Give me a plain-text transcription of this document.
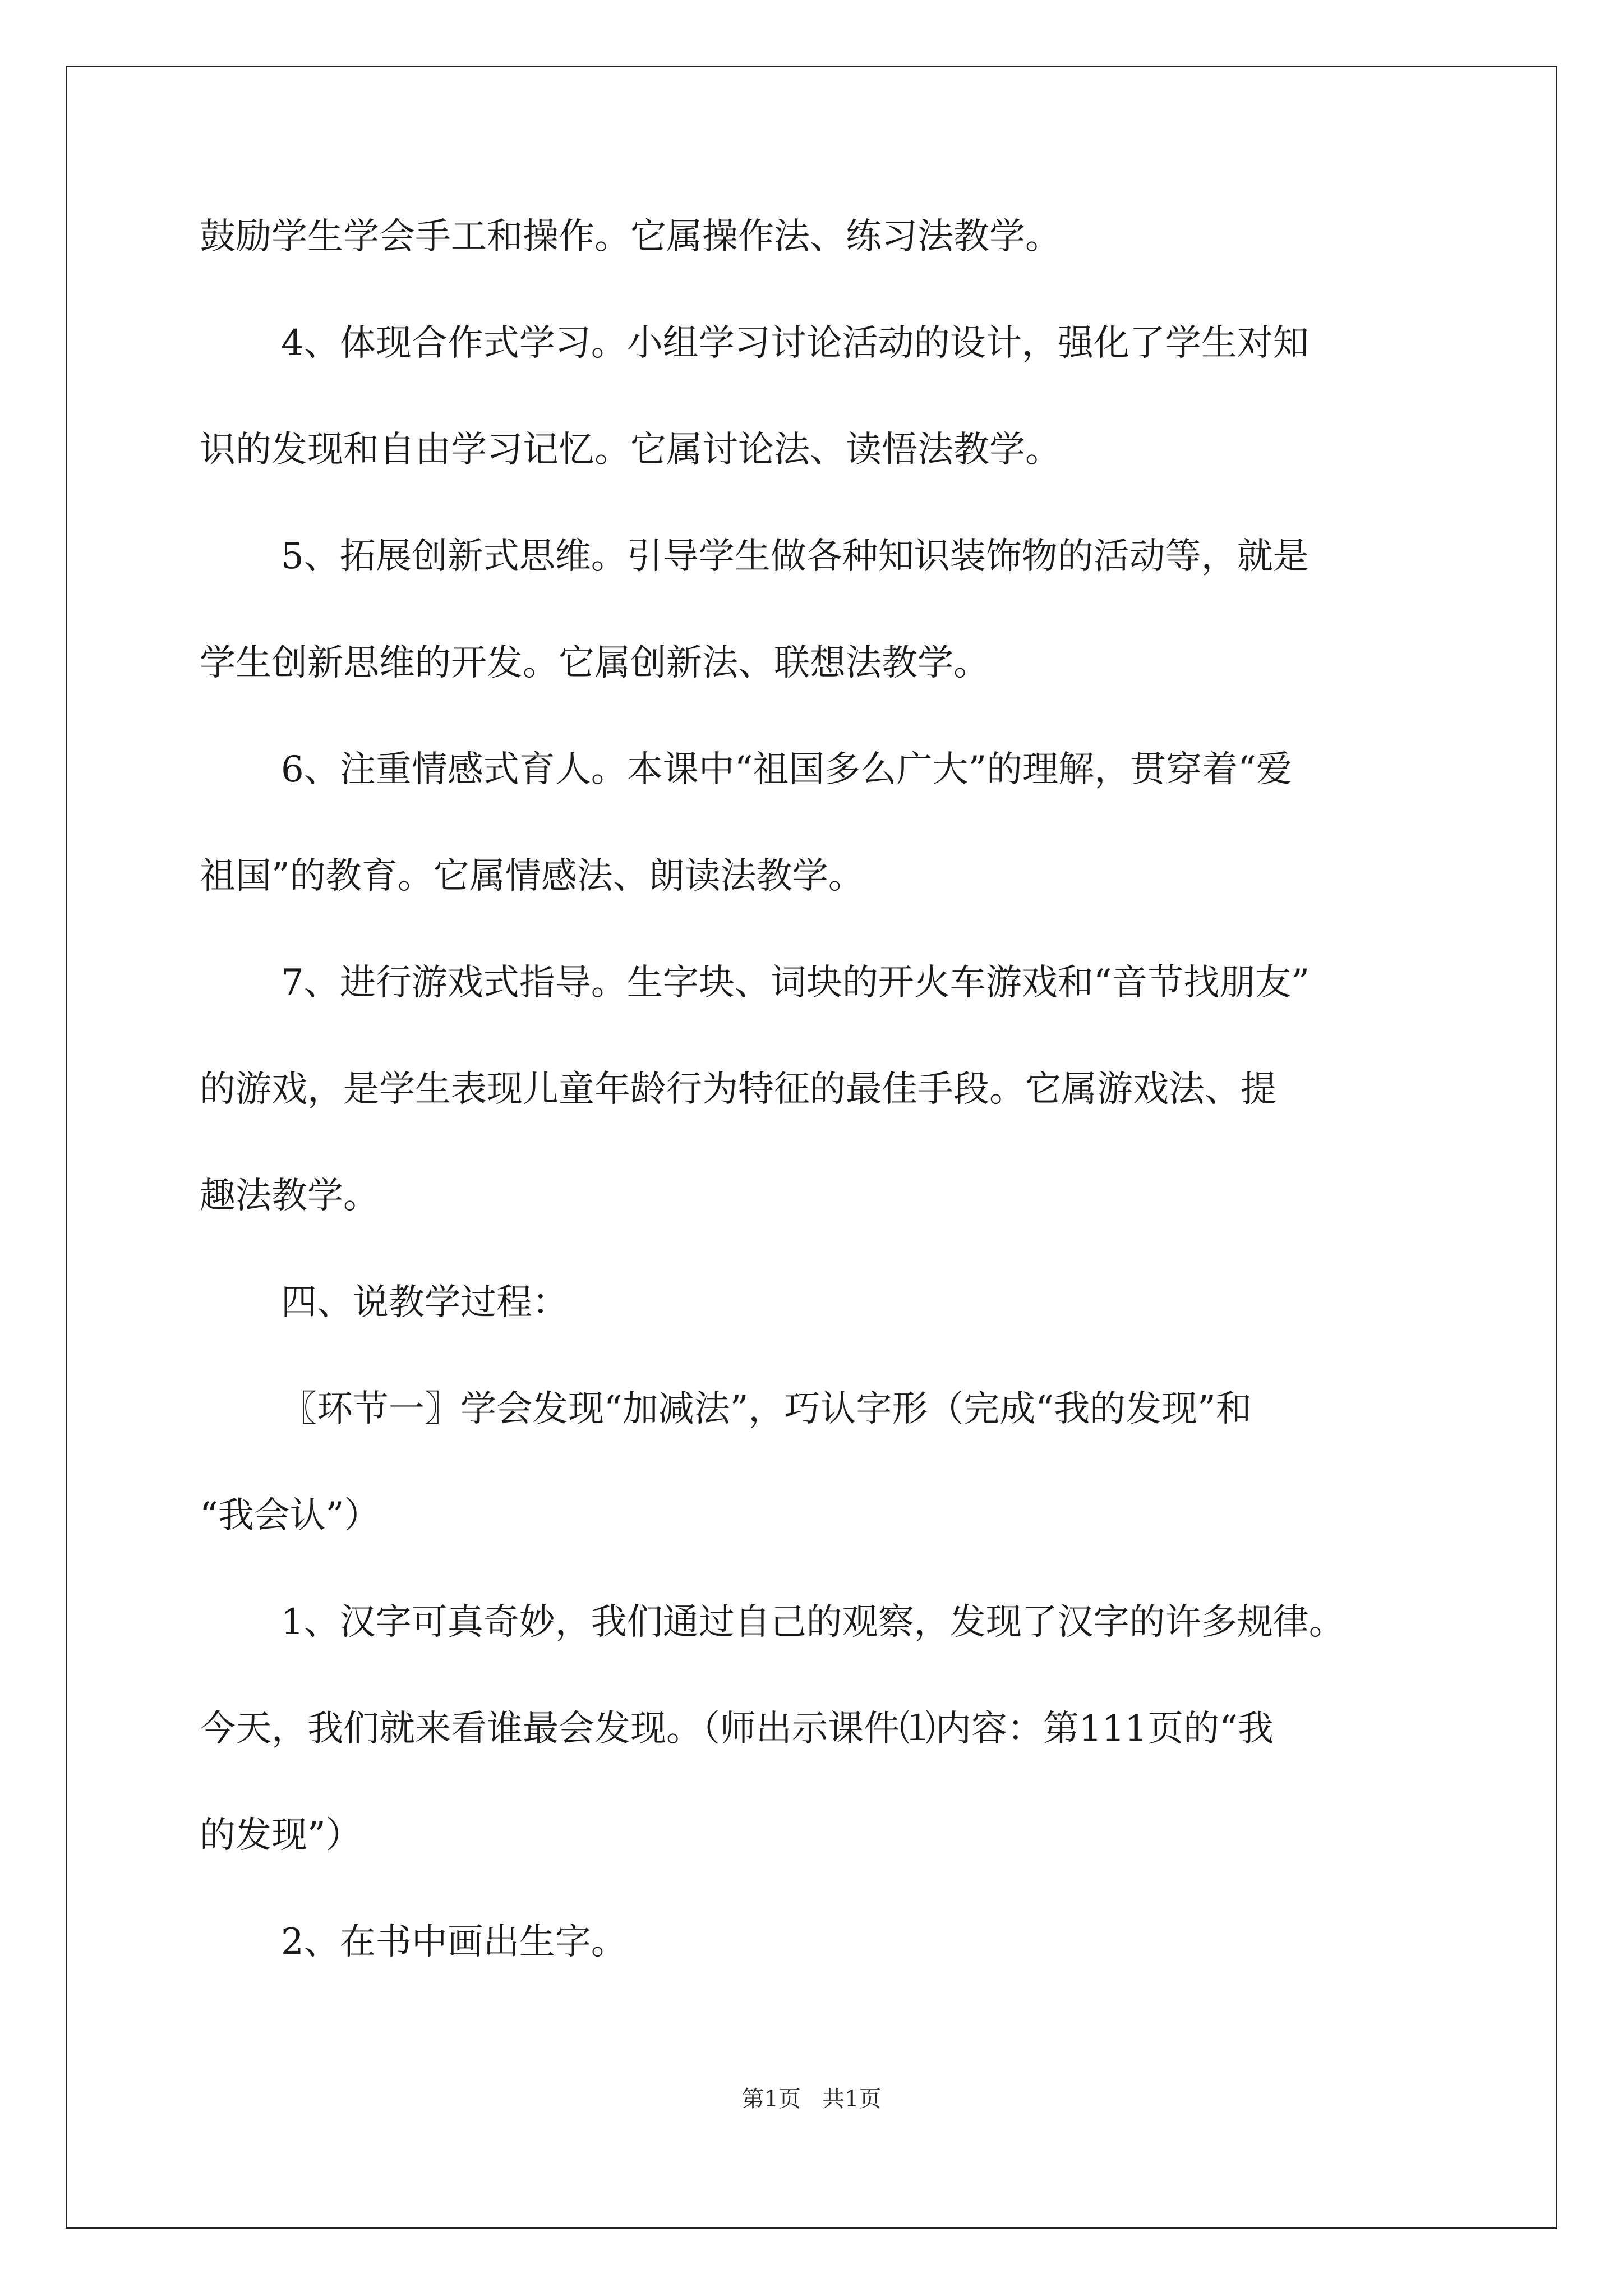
鼓励学生学会手工和操作。它属操作法、练习法教学。
4、体现合作式学习。小组学习讨论活动的设计，强化了学生对知
识的发现和自由学习记忆。它属讨论法、读悟法教学。
5、拓展创新式思维。引导学生做各种知识装饰物的活动等，就是
学生创新思维的开发。它属创新法、联想法教学。
6、注重情感式育人。本课中“祖国多么广大”的理解，贯穿着“爱
祖国”的教育。它属情感法、朗读法教学。
7、进行游戏式指导。生字块、词块的开火车游戏和“音节找朋友”
的游戏，是学生表现儿童年龄行为特征的最佳手段。它属游戏法、提
趣法教学。
四、说教学过程：
〖环节一〗学会发现“加减法”，巧认字形（完成“我的发现”和
“我会认”）
1、汉字可真奇妙，我们通过自己的观察，发现了汉字的许多规律。
今天，我们就来看谁最会发现。（师出示课件⑴内容：第111页的“我
的发现”）
2、在书中画出生字。
第1页   共1页
